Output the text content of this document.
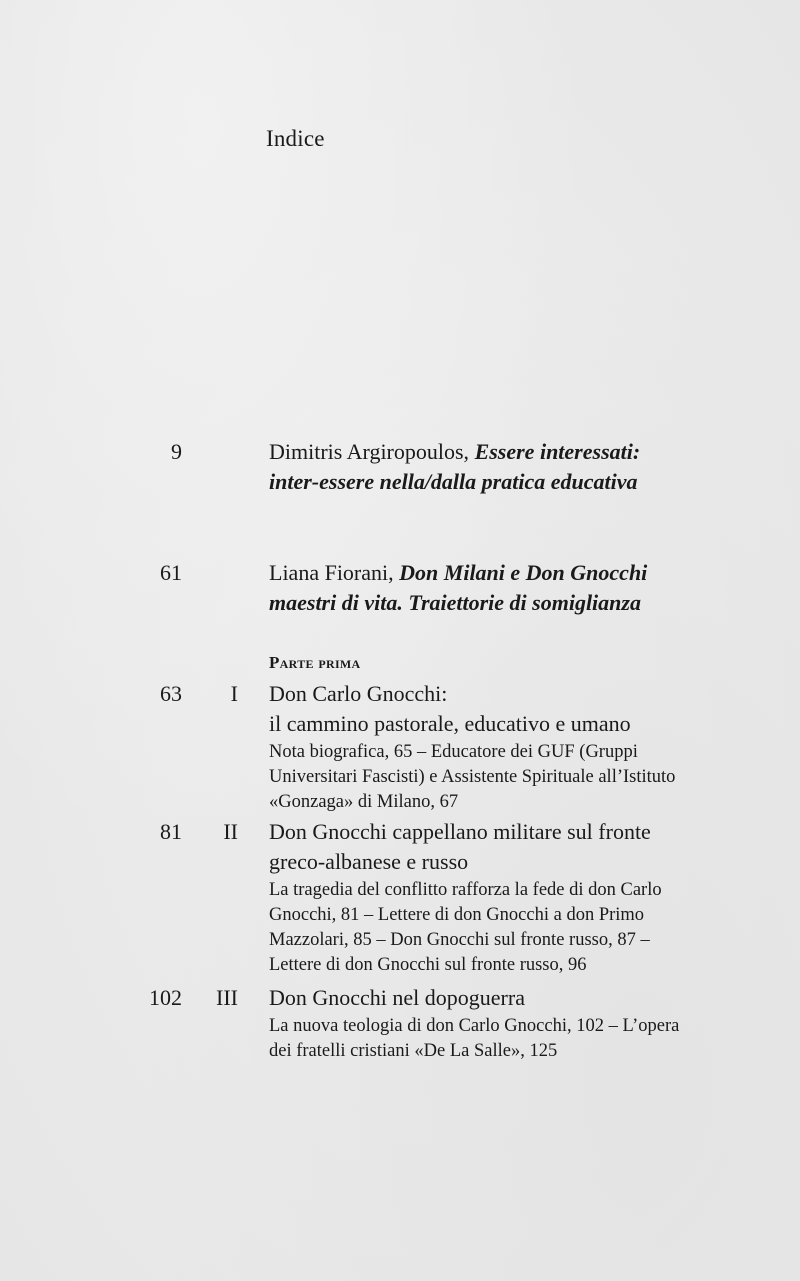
Indice
9	Dimitris Argiropoulos, Essere interessati:
inter-essere nella/dalla pratica educativa
61	Liana Fiorani, Don Milani e Don Gnocchi
maestri di vita. Traiettorie di somiglianza
Parte prima
63	I Don Carlo Gnocchi:
il cammino pastorale, educativo e umano
Nota biografica, 65 – Educatore dei GUF (Gruppi
Universitari Fascisti) e Assistente Spirituale all’Istituto
«Gonzaga» di Milano, 67
81	II Don Gnocchi cappellano militare sul fronte
greco-albanese e russo
La tragedia del conflitto rafforza la fede di don Carlo
Gnocchi, 81 – Lettere di don Gnocchi a don Primo
Mazzolari, 85 – Don Gnocchi sul fronte russo, 87 –
Lettere di don Gnocchi sul fronte russo, 96
102	III Don Gnocchi nel dopoguerra
La nuova teologia di don Carlo Gnocchi, 102 – L’opera
dei fratelli cristiani «De La Salle», 125
